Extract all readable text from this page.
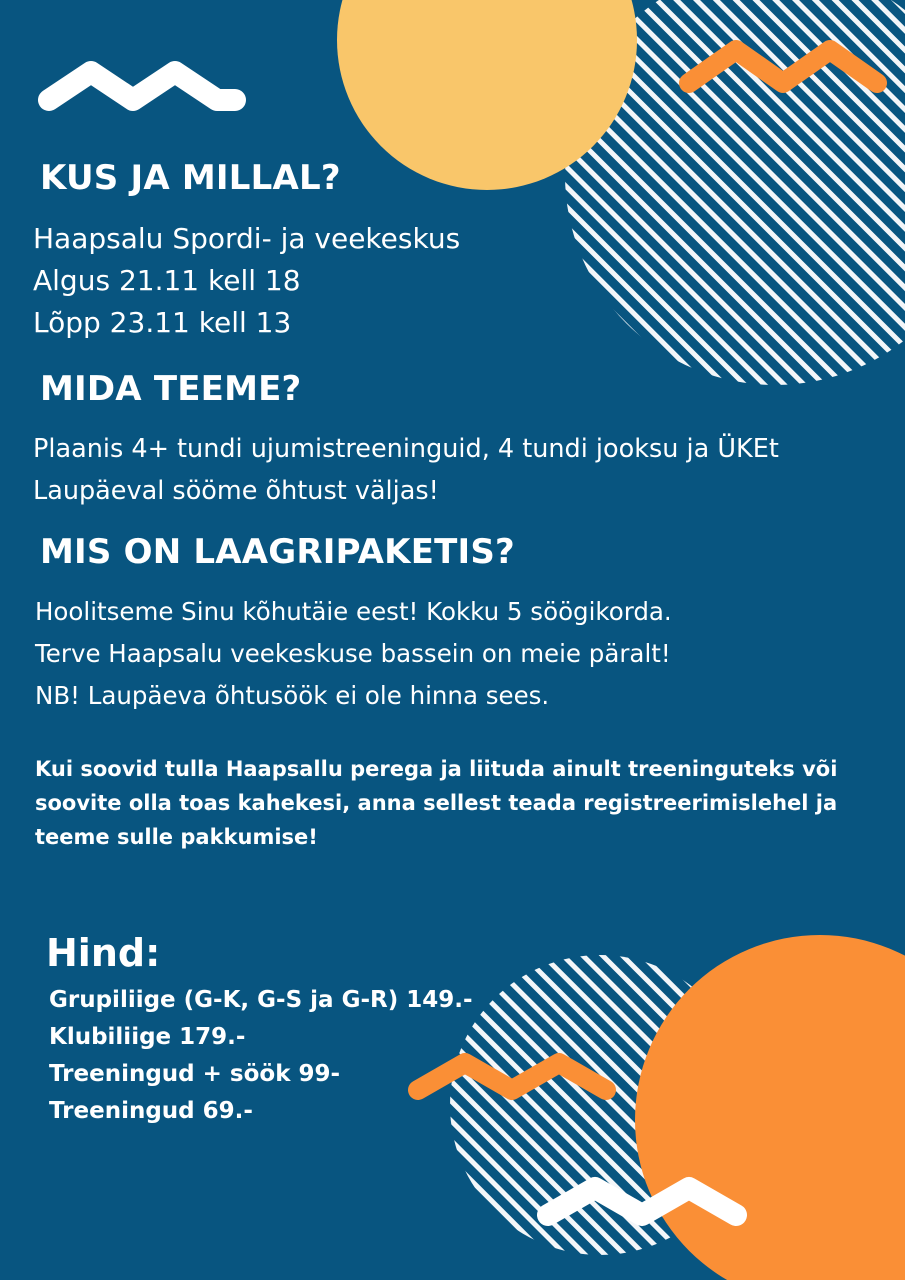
KUS JA MILLAL?
Haapsalu Spordi- ja veekeskus
Algus 21.11 kell 18
Lõpp 23.11 kell 13
MIDA TEEME?
Plaanis 4+ tundi ujumistreeninguid, 4 tundi jooksu ja ÜKEt
Laupäeval sööme õhtust väljas!
MIS ON LAAGRIPAKETIS?
Hoolitseme Sinu kõhutäie eest! Kokku 5 söögikorda.
Terve Haapsalu veekeskuse bassein on meie päralt!
NB! Laupäeva õhtusöök ei ole hinna sees.
Kui soovid tulla Haapsallu perega ja liituda ainult treeninguteks või
soovite olla toas kahekesi, anna sellest teada registreerimislehel ja
teeme sulle pakkumise!
Hind:
Grupiliige (G-K, G-S ja G-R) 149.-
Klubiliige 179.-
Treeningud + söök 99-
Treeningud 69.-
